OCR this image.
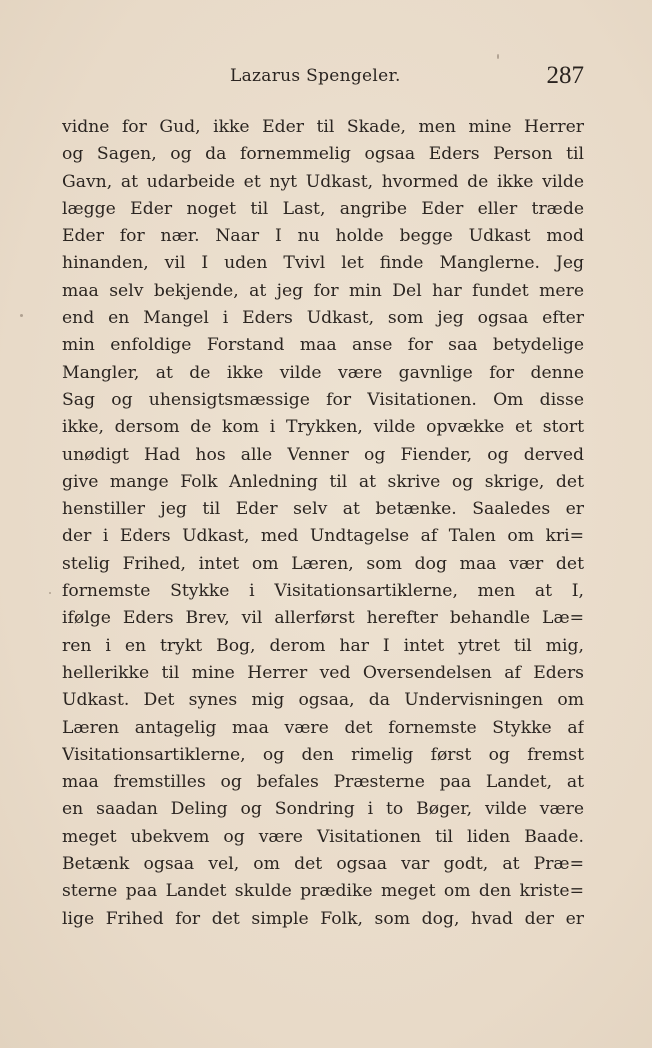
Lazarus Spengeler.	287
vidne for Gud, ikke Eder til Skade, men mine Herrer
og Sagen, og da fornemmelig ogsaa Eders Person til
Gavn, at udarbeide et nyt Udkast, hvormed de ikke vilde
lægge Eder noget til Last, angribe Eder eller træde
Eder for nær. Naar I nu holde begge Udkast mod
hinanden, vil I uden Tvivl let finde Manglerne. Jeg
maa selv bekjende, at jeg for min Del har fundet mere
end en Mangel i Eders Udkast, som jeg ogsaa efter
min enfoldige Forstand maa anse for saa betydelige
Mangler, at de ikke vilde være gavnlige for denne
Sag og uhensigtsmæssige for Visitationen. Om disse
ikke, dersom de kom i Trykken, vilde opvække et stort
unødigt Had hos alle Venner og Fiender, og derved
give mange Folk Anledning til at skrive og skrige, det
henstiller jeg til Eder selv at betænke. Saaledes er
der i Eders Udkast, med Undtagelse af Talen om kri=
stelig Frihed, intet om Læren, som dog maa vær det
fornemste Stykke i Visitationsartiklerne, men at I,
ifølge Eders Brev, vil allerførst herefter behandle Læ=
ren i en trykt Bog, derom har I intet ytret til mig,
hellerikke til mine Herrer ved Oversendelsen af Eders
Udkast. Det synes mig ogsaa, da Undervisningen om
Læren antagelig maa være det fornemste Stykke af
Visitationsartiklerne, og den rimelig først og fremst
maa fremstilles og befales Præsterne paa Landet, at
en saadan Deling og Sondring i to Bøger, vilde være
meget ubekvem og være Visitationen til liden Baade.
Betænk ogsaa vel, om det ogsaa var godt, at Præ=
sterne paa Landet skulde prædike meget om den kriste=
lige Frihed for det simple Folk, som dog, hvad der er
